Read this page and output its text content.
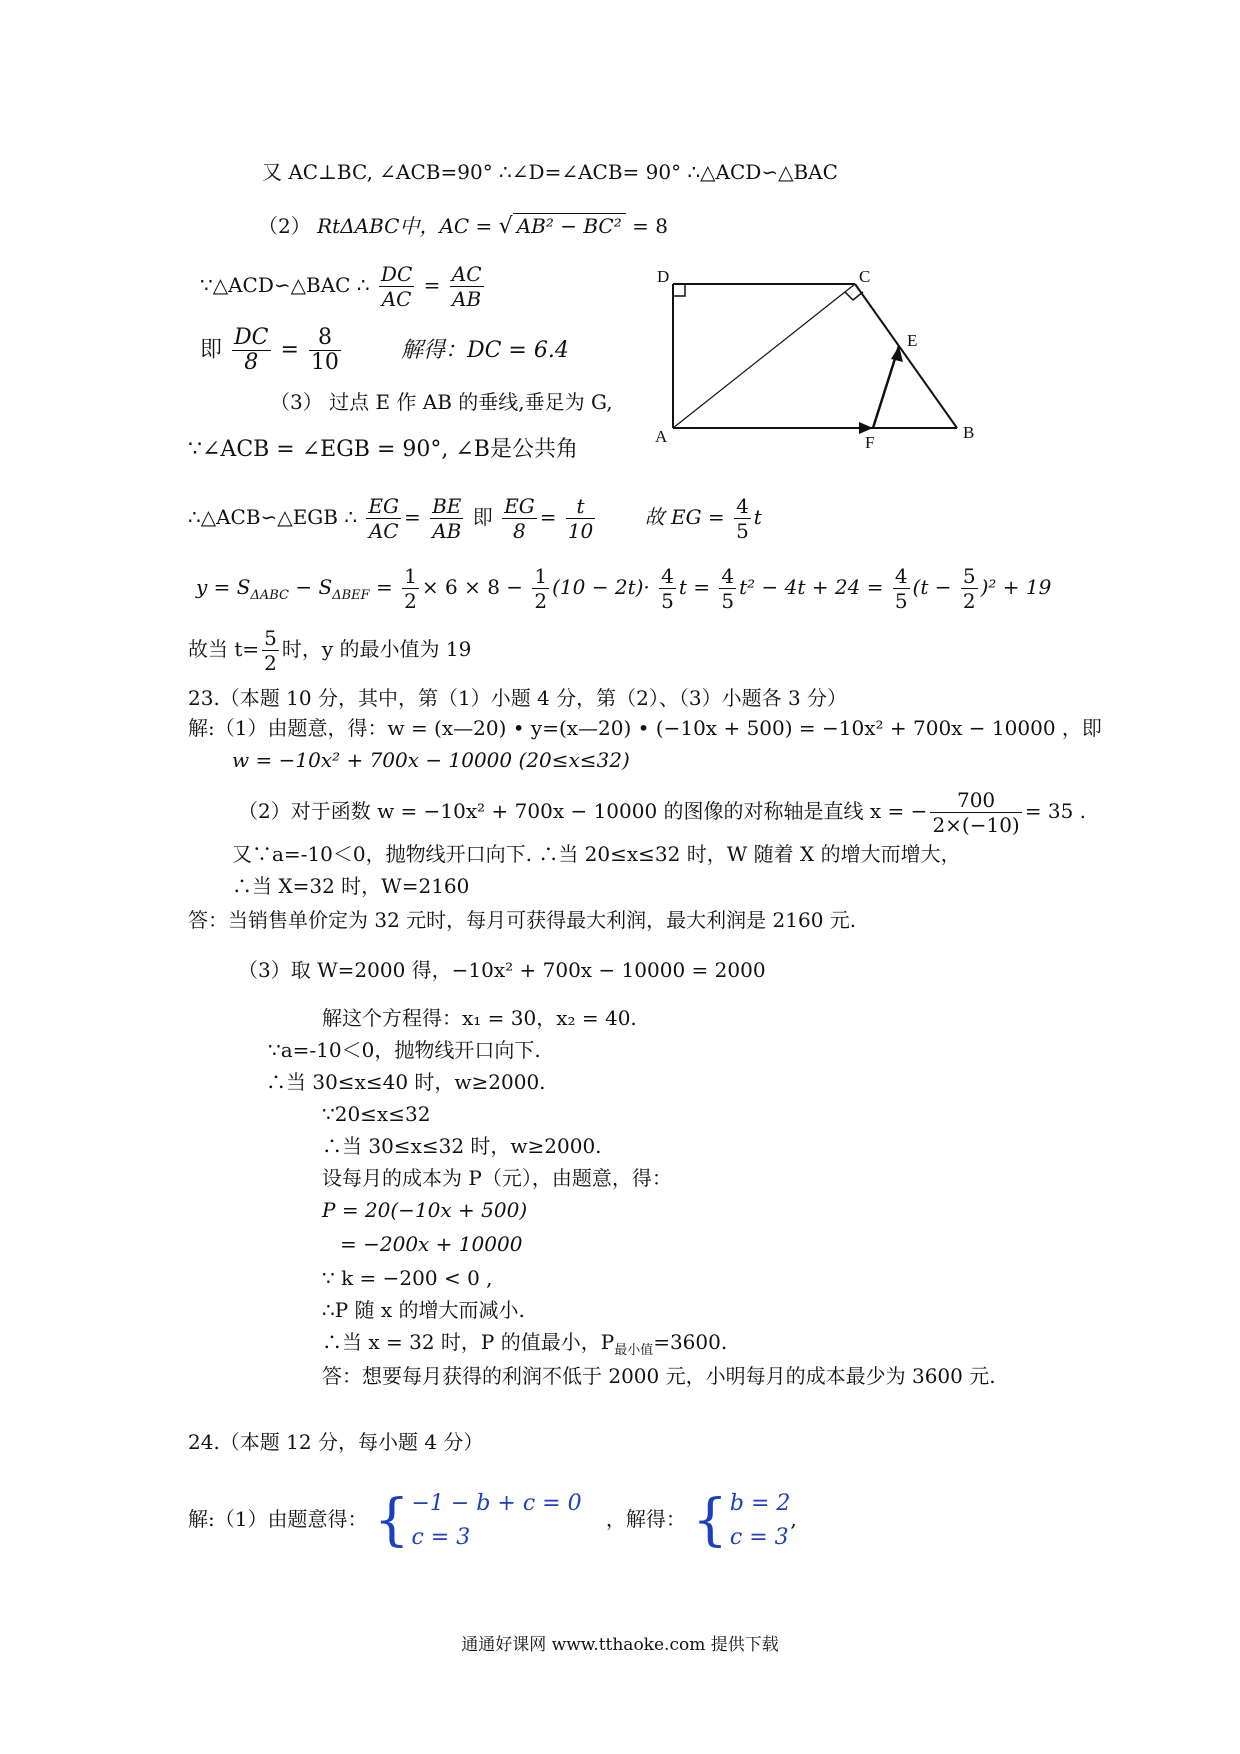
又 AC⊥BC, ∠ACB=90° ∴∠D=∠ACB= 90° ∴△ACD∽△BAC
（2） RtΔABC中，AC = √ AB² − BC² = 8
∵△ACD∽△BAC ∴ $\frac{DC}{AC} = \frac{AC}{AB}$
即 $\frac{DC}{8} = \frac{8}{10}$	解得：DC = 6.4
（3） 过点 E 作 AB 的垂线,垂足为 G,
∵∠ACB = ∠EGB = 90°, ∠B是公共角
∴△ACB∽△EGB ∴ $\frac{EG}{AC} = \frac{BE}{AB}$ 即 $\frac{EG}{8} = \frac{t}{10}$ 故 EG = $\frac{4}{5}$ t
$y = S_{\Delta ABC} - S_{\Delta BEF} = \frac{1}{2} \times 6 \times 8 - \frac{1}{2} (10 - 2t)\cdot \frac{4}{5}$ $t = \frac{4}{5} t^2 - 4t + 24 = \frac{4}{5} (t - \frac{5}{2} )^2 + 19$
故当 $t= \frac{5}{2}$ 时，y 的最小值为 19
23.（本题 10 分，其中，第（1）小题 4 分，第（2）、（3）小题各 3 分）
解:（1）由题意，得：w = (x—20) • y=(x—20) • (−10x + 500) = −10x² + 700x − 10000 ，即
w = −10x² + 700x − 10000 (20≤x≤32)
（2）对于函数 w = −10x² + 700x − 10000 的图像的对称轴是直线 x = − $\frac{700}{2\times(-10)} = 35$ .
又∵a=-10＜0，抛物线开口向下. ∴当 20≤x≤32 时，W 随着 X 的增大而增大，
∴当 X=32 时，W=2160
答：当销售单价定为 32 元时，每月可获得最大利润，最大利润是 2160 元.
（3）取 W=2000 得，−10x² + 700x − 10000 = 2000
解这个方程得：x₁ = 30，x₂ = 40.
∵a=-10＜0，抛物线开口向下.
∴当 30≤x≤40 时，w≥2000.
∵20≤x≤32
∴当 30≤x≤32 时，w≥2000.
设每月的成本为 P（元），由题意，得：
P = 20(−10x + 500)
= −200x + 10000
∵ k = −200 < 0 ,
∴P 随 x 的增大而减小.
∴当 x = 32 时，P 的值最小，$P_{最小值}=3600$.
答：想要每月获得的利润不低于 2000 元，小明每月的成本最少为 3600 元.
24.（本题 12 分，每小题 4 分）
解:（1）由题意得： { −1 − b + c = 0
c = 3
，解得： { b = 2
c = 3
,
D	C
E
A	F
B
通通好课网 www.tthaoke.com 提供下载
